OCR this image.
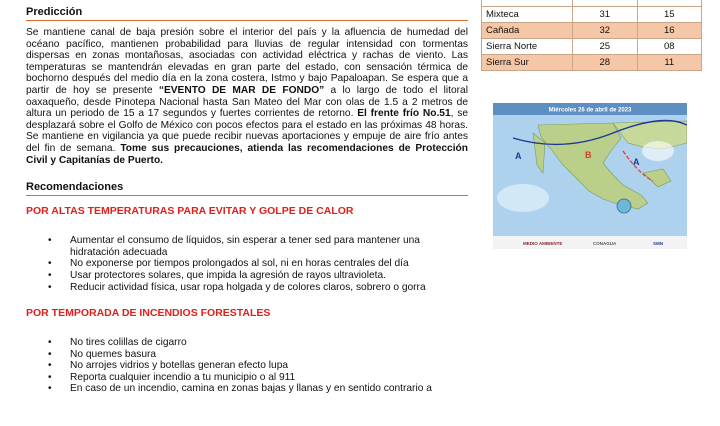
Predicción

Se mantiene canal de baja presión sobre el interior del país y la afluencia de humedad del océano pacífico, mantienen probabilidad para lluvias de regular intensidad con tormentas dispersas en zonas montañosas, asociadas con actividad eléctrica y rachas de viento. Las temperaturas se mantendrán elevadas en gran parte del estado, con sensación térmica de bochorno después del medio día en la zona costera, Istmo y bajo Papaloapan. Se espera que a partir de hoy se presente “EVENTO DE MAR DE FONDO” a lo largo de todo el litoral oaxaqueño, desde Pinotepa Nacional hasta San Mateo del Mar con olas de 1.5 a 2 metros de altura un periodo de 15 a 17 segundos y fuertes corrientes de retorno. El frente frío No.51, se desplazará sobre el Golfo de México con pocos efectos para el estado en las próximas 48 horas. Se mantiene en vigilancia ya que puede recibir nuevas aportaciones y empuje de aire frío antes del fin de semana. Tome sus precauciones, atienda las recomendaciones de Protección Civil y Capitanías de Puerto.

Recomendaciones
POR ALTAS TEMPERATURAS PARA EVITAR Y GOLPE DE CALOR
• Aumentar el consumo de líquidos, sin esperar a tener sed para mantener una hidratación adecuada
• No exponerse por tiempos prolongados al sol, ni en horas centrales del día
• Usar protectores solares, que impida la agresión de rayos ultravioleta.
• Reducir actividad física, usar ropa holgada y de colores claros, sobrero o gorra
POR TEMPORADA DE INCENDIOS FORESTALES
• No tires colillas de cigarro
• No quemes basura
• No arrojes vidrios y botellas generan efecto lupa
• Reporta cualquier incendio a tu municipio o al 911
• En caso de un incendio, camina en zonas bajas y llanas y en sentido contrario a

Mixteca	31	15
Cañada	32	16
Sierra Norte	25	08
Sierra Sur	28	11
Miércoles 26 de abril de 2023
A	B
A
MEDIO AMBIENTE	CONAGUA	SMN
